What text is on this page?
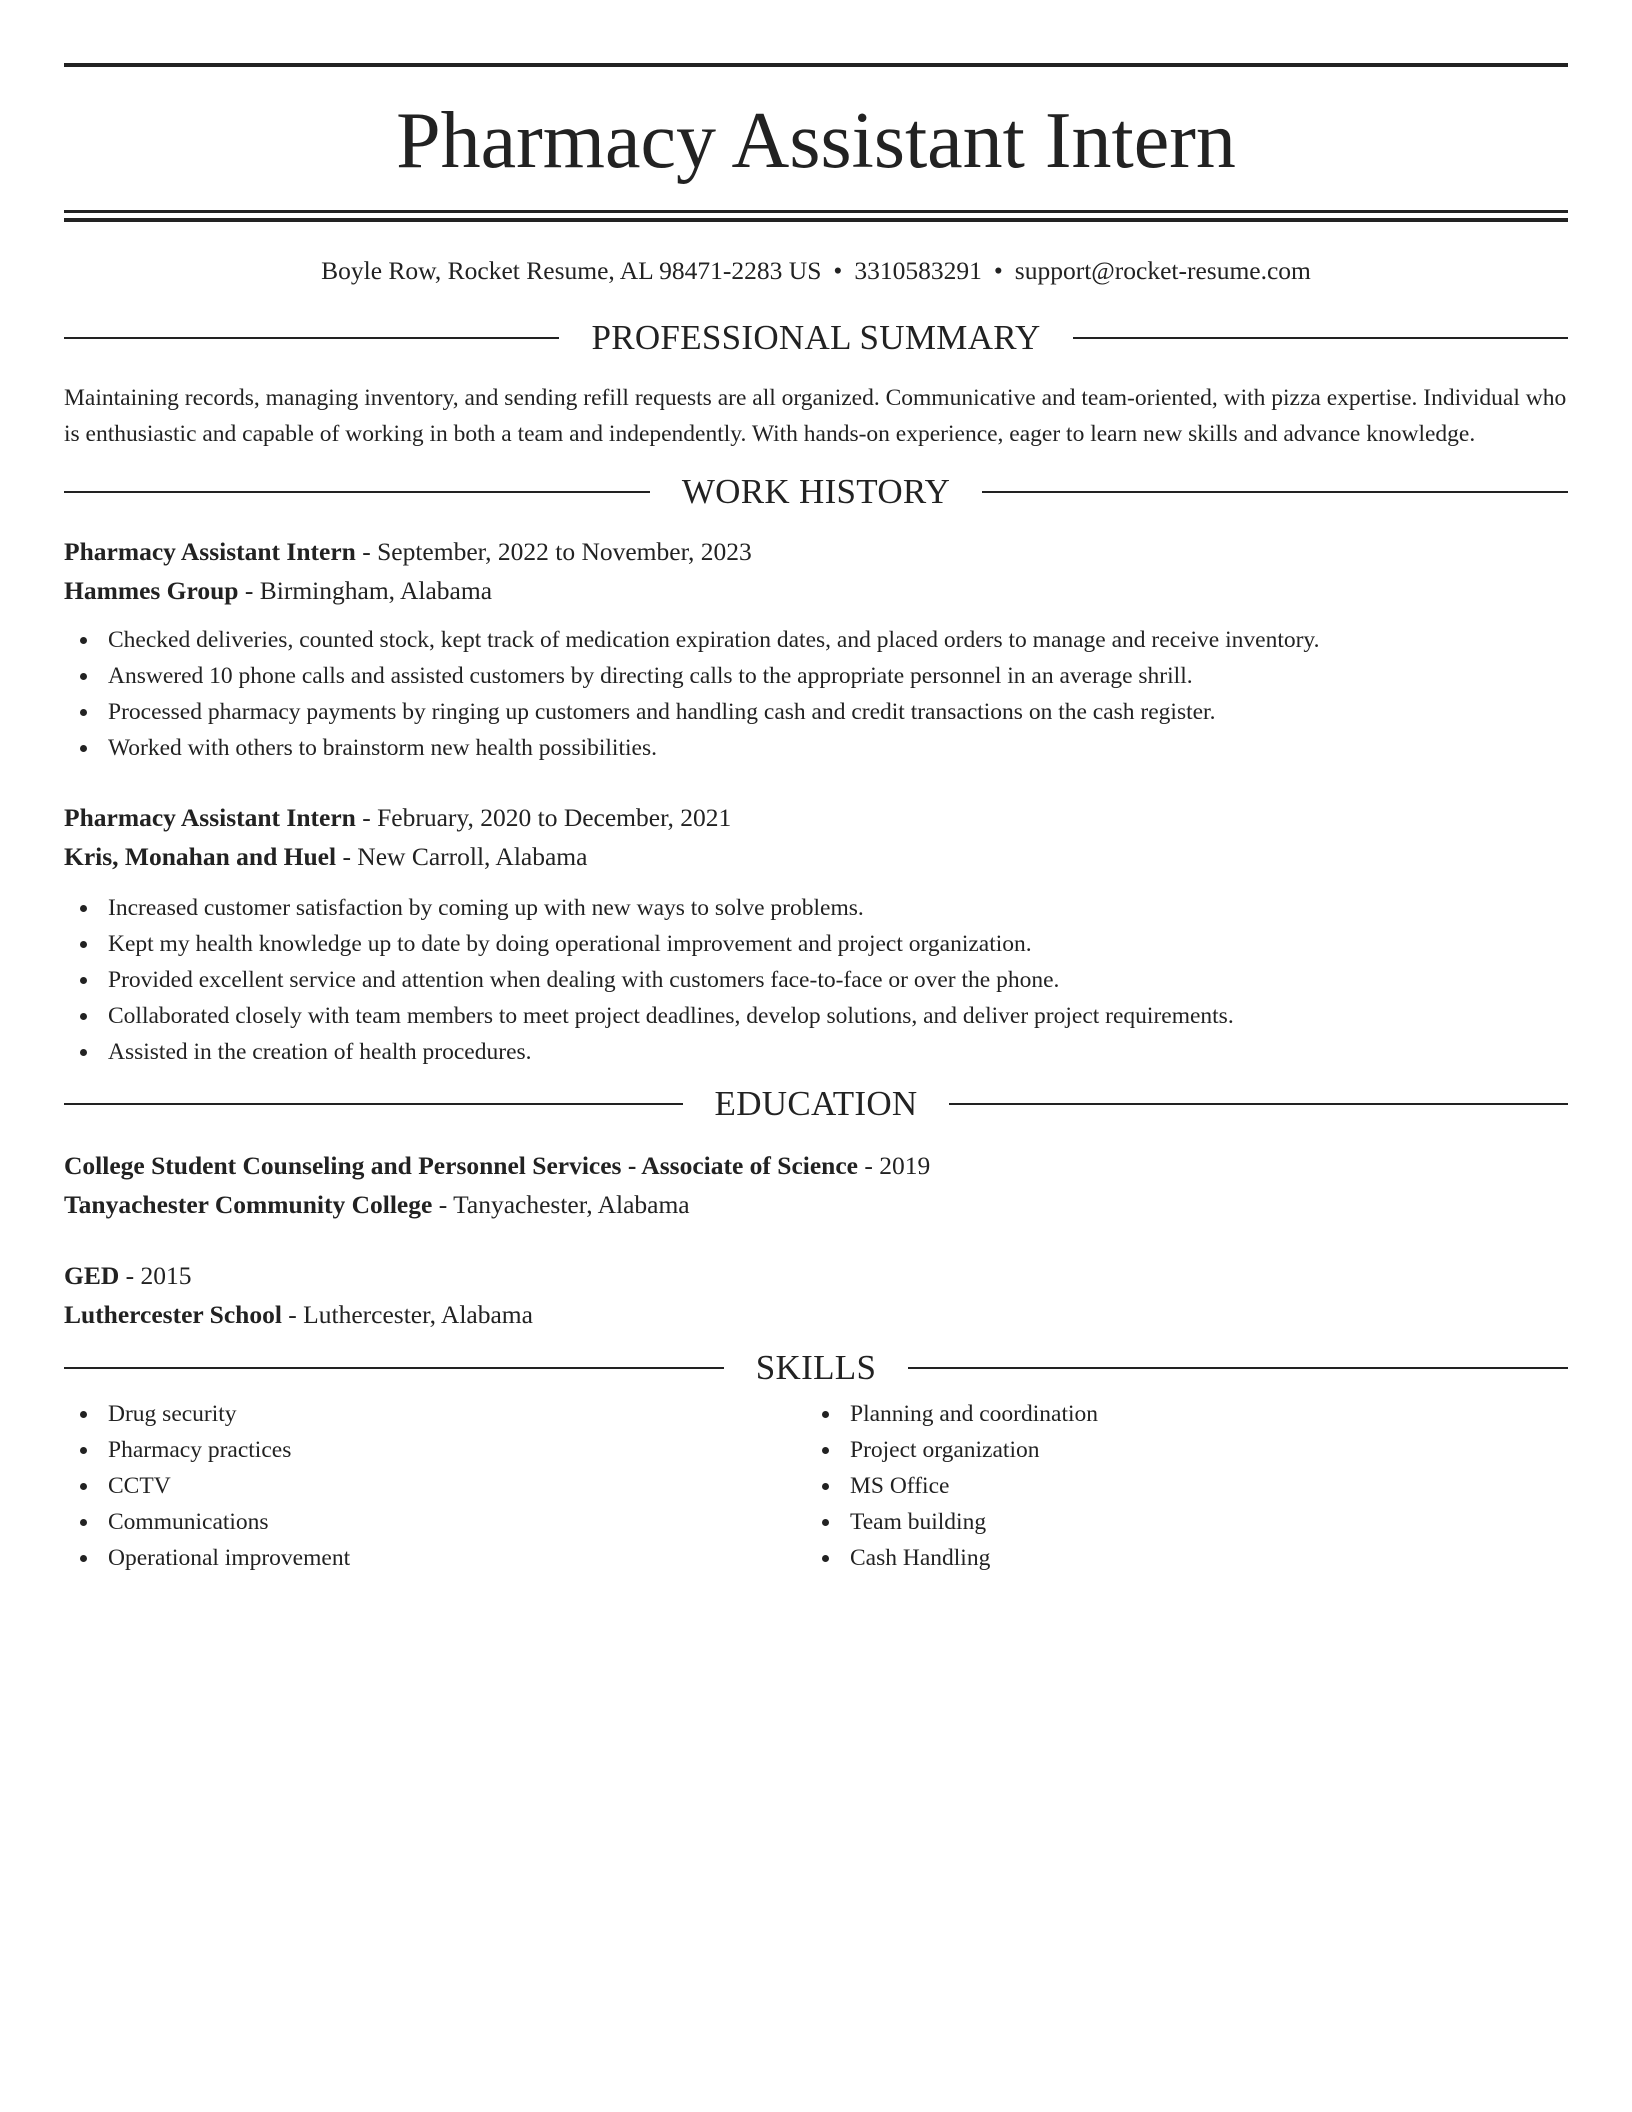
Pharmacy Assistant Intern
Boyle Row, Rocket Resume, AL 98471-2283 US • 3310583291 • support@rocket-resume.com
PROFESSIONAL SUMMARY
Maintaining records, managing inventory, and sending refill requests are all organized. Communicative and team-oriented, with pizza expertise. Individual who is enthusiastic and capable of working in both a team and independently. With hands-on experience, eager to learn new skills and advance knowledge.
WORK HISTORY
Pharmacy Assistant Intern - September, 2022 to November, 2023
Hammes Group - Birmingham, Alabama
Checked deliveries, counted stock, kept track of medication expiration dates, and placed orders to manage and receive inventory.
Answered 10 phone calls and assisted customers by directing calls to the appropriate personnel in an average shrill.
Processed pharmacy payments by ringing up customers and handling cash and credit transactions on the cash register.
Worked with others to brainstorm new health possibilities.
Pharmacy Assistant Intern - February, 2020 to December, 2021
Kris, Monahan and Huel - New Carroll, Alabama
Increased customer satisfaction by coming up with new ways to solve problems.
Kept my health knowledge up to date by doing operational improvement and project organization.
Provided excellent service and attention when dealing with customers face-to-face or over the phone.
Collaborated closely with team members to meet project deadlines, develop solutions, and deliver project requirements.
Assisted in the creation of health procedures.
EDUCATION
College Student Counseling and Personnel Services - Associate of Science - 2019
Tanyachester Community College - Tanyachester, Alabama
GED - 2015
Luthercester School - Luthercester, Alabama
SKILLS
Drug security
Pharmacy practices
CCTV
Communications
Operational improvement
Planning and coordination
Project organization
MS Office
Team building
Cash Handling
